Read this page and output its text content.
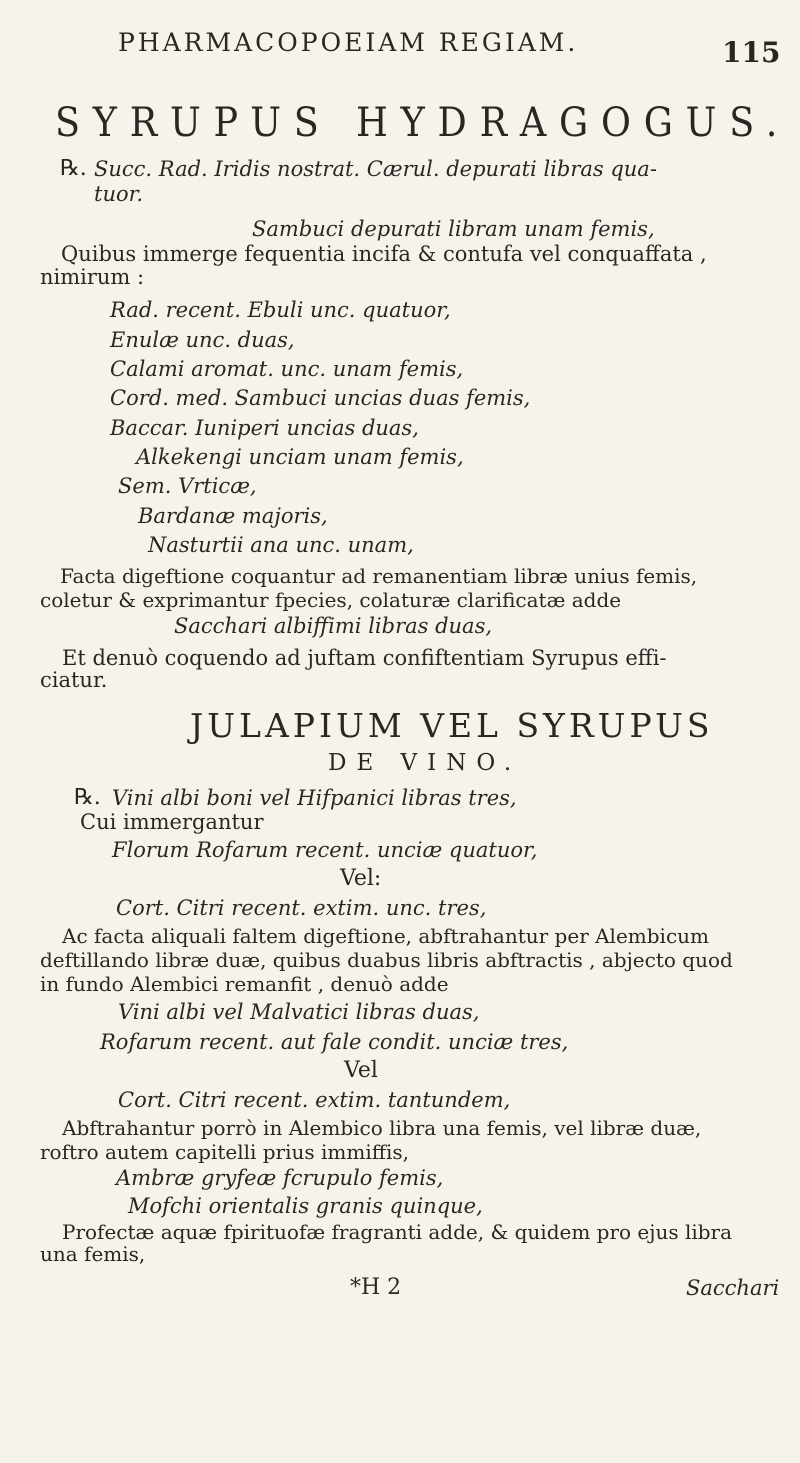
PHARMACOPOEIAM REGIAM.	115
SYRUPUS HYDRAGOGUS.
℞. Succ. Rad. Iridis nostrat. Cærul. depurati libras qua-
tuor.
Sambuci depurati libram unam femis,
Quibus immerge fequentia incifa & contufa vel conquaffata ,
nimirum :
Rad. recent. Ebuli unc. quatuor,
Enulæ unc. duas,
Calami aromat. unc. unam femis,
Cord. med. Sambuci uncias duas femis,
Baccar. Iuniperi uncias duas,
Alkekengi unciam unam femis,
Sem. Vrticæ,
Bardanæ majoris,
Nasturtii ana unc. unam,
Facta digeftione coquantur ad remanentiam libræ unius femis,
coletur & exprimantur fpecies, colaturæ clarificatæ adde
Sacchari albiffimi libras duas,
Et denuò coquendo ad juftam confiftentiam Syrupus effi-
ciatur.
JULAPIUM VEL SYRUPUS
DE VINO.
℞. Vini albi boni vel Hifpanici libras tres,
Cui immergantur
Florum Rofarum recent. unciæ quatuor,
Vel:
Cort. Citri recent. extim. unc. tres,
Ac facta aliquali faltem digeftione, abftrahantur per Alembicum
deftillando libræ duæ, quibus duabus libris abftractis , abjecto quod
in fundo Alembici remanfit , denuò adde
Vini albi vel Malvatici libras duas,
Rofarum recent. aut fale condit. unciæ tres,
Vel
Cort. Citri recent. extim. tantundem,
Abftrahantur porrò in Alembico libra una femis, vel libræ duæ,
roftro autem capitelli prius immiffis,
Ambræ gryfeæ fcrupulo femis,
Mofchi orientalis granis quinque,
Profectæ aquæ fpirituofæ fragranti adde, & quidem pro ejus libra
una femis,
*H 2	Sacchari
